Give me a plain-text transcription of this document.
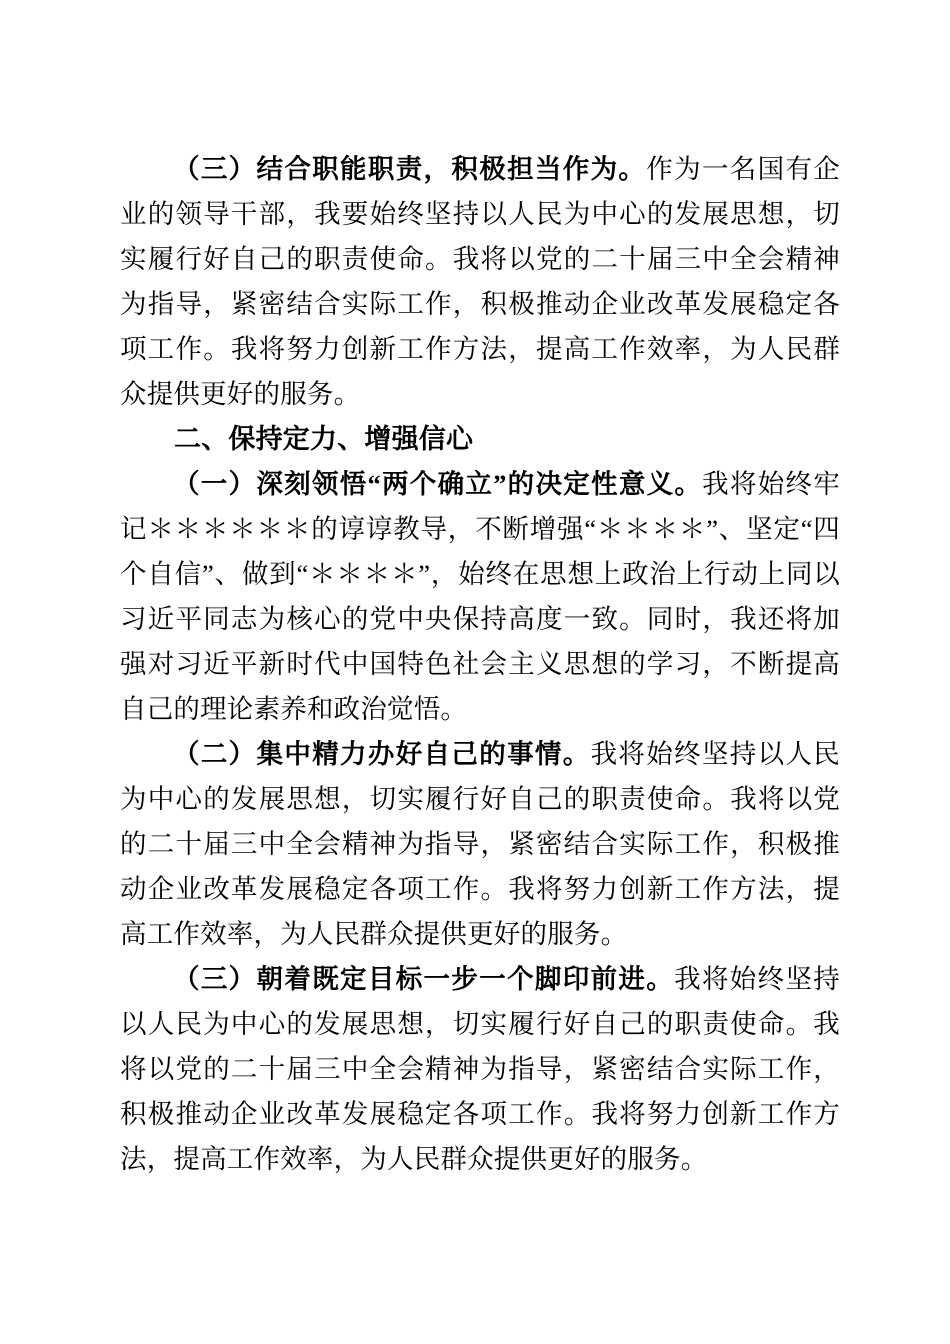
（三）结合职能职责，积极担当作为。作为一名国有企业的领导干部，我要始终坚持以人民为中心的发展思想，切实履行好自己的职责使命。我将以党的二十届三中全会精神为指导，紧密结合实际工作，积极推动企业改革发展稳定各项工作。我将努力创新工作方法，提高工作效率，为人民群众提供更好的服务。

二、保持定力、增强信心

（一）深刻领悟“两个确立”的决定性意义。我将始终牢记＊＊＊＊＊＊的谆谆教导，不断增强“＊＊＊＊”、坚定“四个自信”、做到“＊＊＊＊”，始终在思想上政治上行动上同以习近平同志为核心的党中央保持高度一致。同时，我还将加强对习近平新时代中国特色社会主义思想的学习，不断提高自己的理论素养和政治觉悟。

（二）集中精力办好自己的事情。我将始终坚持以人民为中心的发展思想，切实履行好自己的职责使命。我将以党的二十届三中全会精神为指导，紧密结合实际工作，积极推动企业改革发展稳定各项工作。我将努力创新工作方法，提高工作效率，为人民群众提供更好的服务。

（三）朝着既定目标一步一个脚印前进。我将始终坚持以人民为中心的发展思想，切实履行好自己的职责使命。我将以党的二十届三中全会精神为指导，紧密结合实际工作，积极推动企业改革发展稳定各项工作。我将努力创新工作方法，提高工作效率，为人民群众提供更好的服务。
